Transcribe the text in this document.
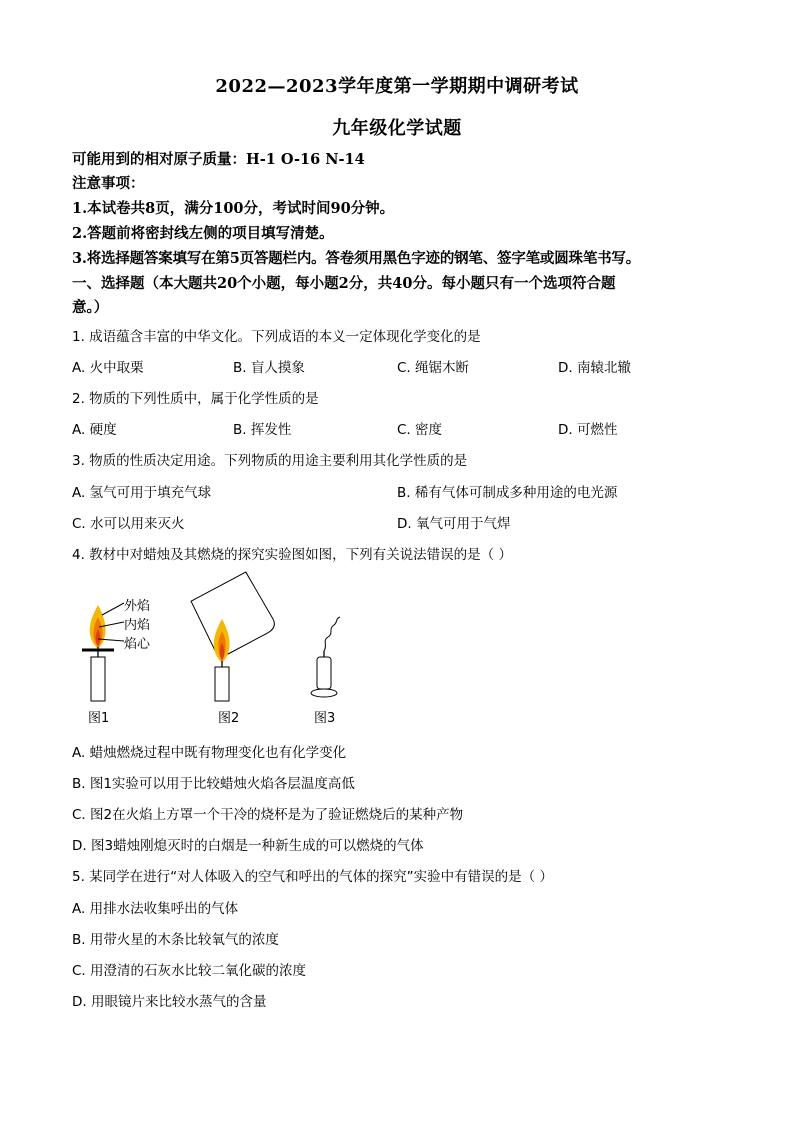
2022—2023学年度第一学期期中调研考试
九年级化学试题
可能用到的相对原子质量：H-1 O-16 N-14
注意事项：
1.本试卷共8页，满分100分，考试时间90分钟。
2.答题前将密封线左侧的项目填写清楚。
3.将选择题答案填写在第5页答题栏内。答卷须用黑色字迹的钢笔、签字笔或圆珠笔书写。
一、选择题（本大题共20个小题，每小题2分，共40分。每小题只有一个选项符合题
意。）
1. 成语蕴含丰富的中华文化。下列成语的本义一定体现化学变化的是
A. 火中取栗	B. 盲人摸象	C. 绳锯木断	D. 南辕北辙
2. 物质的下列性质中，属于化学性质的是
A. 硬度	B. 挥发性	C. 密度	D. 可燃性
3. 物质的性质决定用途。下列物质的用途主要利用其化学性质的是
A. 氢气可用于填充气球	B. 稀有气体可制成多种用途的电光源
C. 水可以用来灭火	D. 氧气可用于气焊
4. 教材中对蜡烛及其燃烧的探究实验图如图，下列有关说法错误的是（ ）
外焰
内焰
焰心
图1	图2	图3
A. 蜡烛燃烧过程中既有物理变化也有化学变化
B. 图1实验可以用于比较蜡烛火焰各层温度高低
C. 图2在火焰上方罩一个干冷的烧杯是为了验证燃烧后的某种产物
D. 图3蜡烛刚熄灭时的白烟是一种新生成的可以燃烧的气体
5. 某同学在进行“对人体吸入的空气和呼出的气体的探究”实验中有错误的是（ ）
A. 用排水法收集呼出的气体
B. 用带火星的木条比较氧气的浓度
C. 用澄清的石灰水比较二氧化碳的浓度
D. 用眼镜片来比较水蒸气的含量
